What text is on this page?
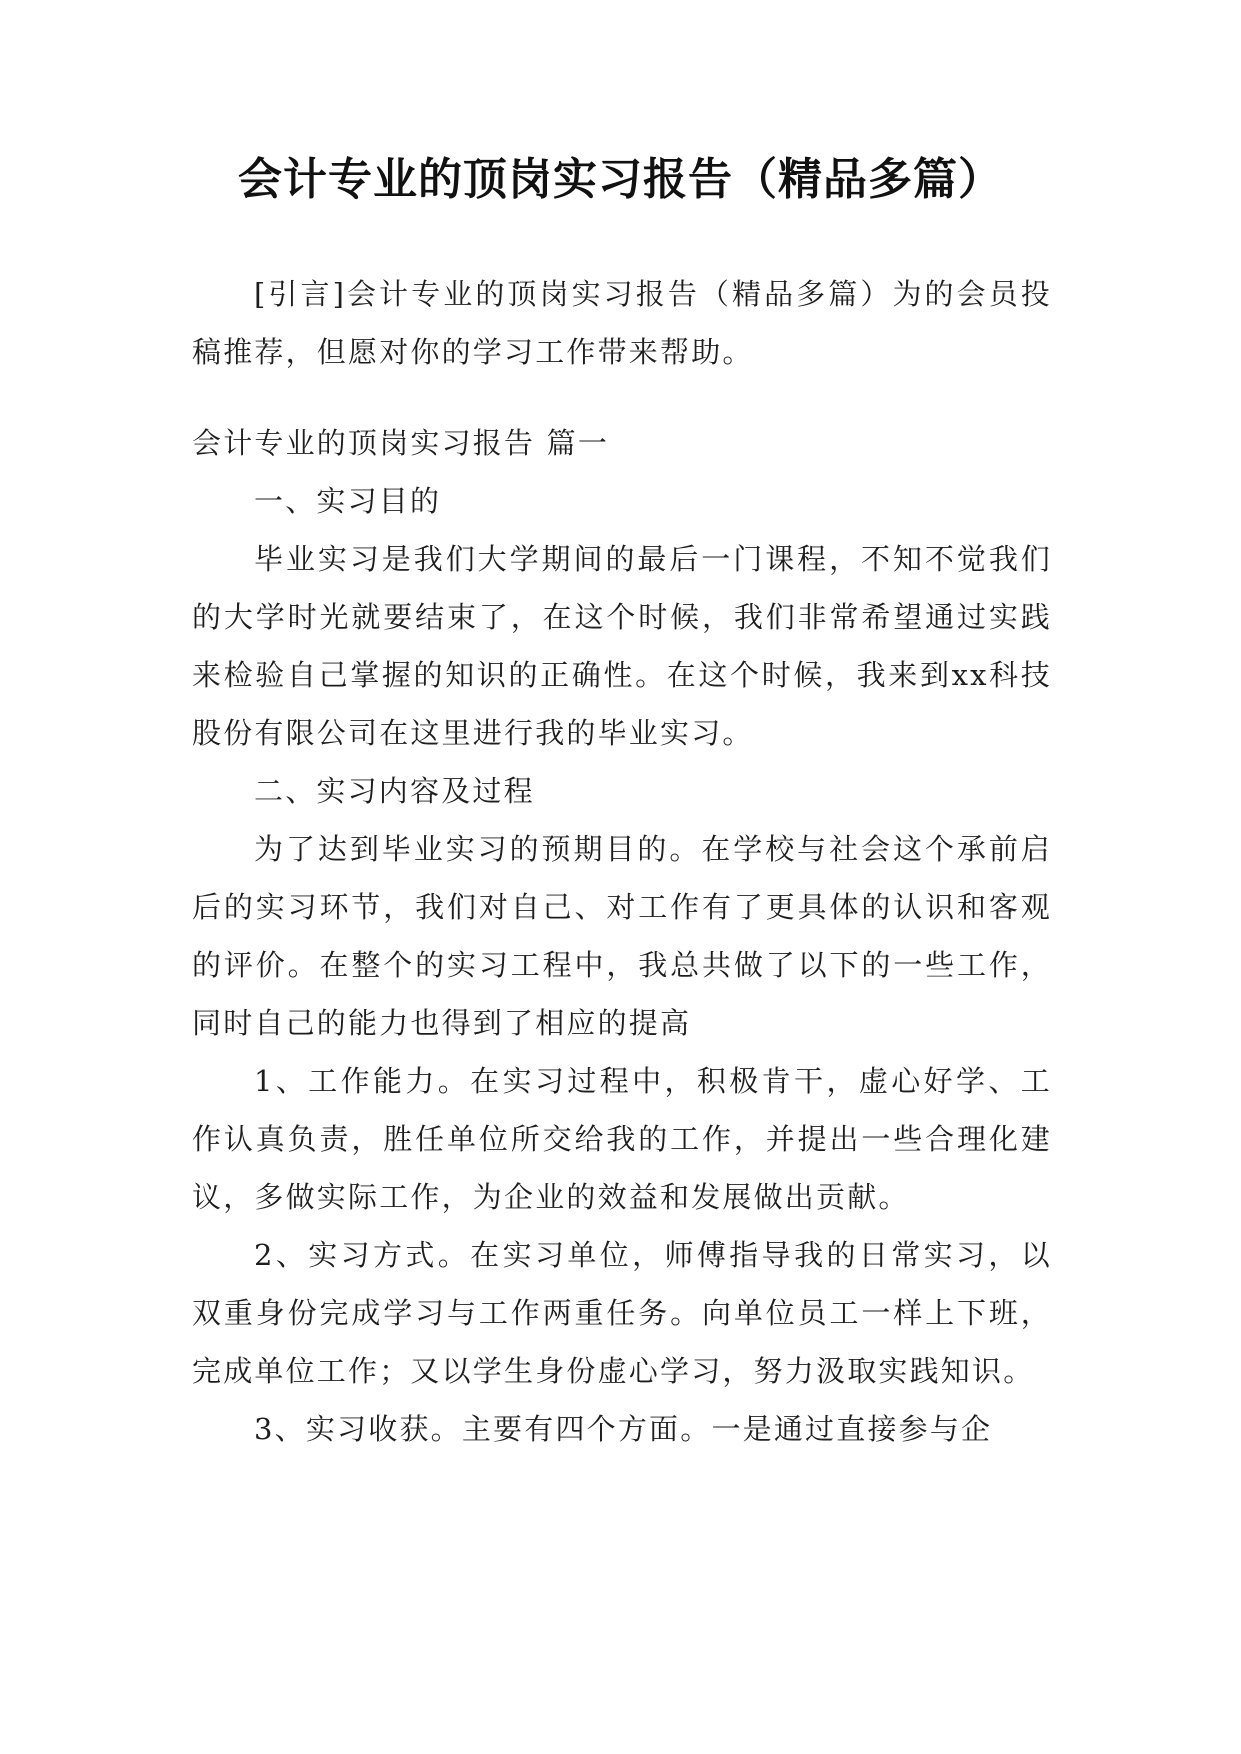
会计专业的顶岗实习报告（精品多篇）

[引言]会计专业的顶岗实习报告（精品多篇）为的会员投稿推荐，但愿对你的学习工作带来帮助。

会计专业的顶岗实习报告 篇一

一、实习目的

毕业实习是我们大学期间的最后一门课程，不知不觉我们的大学时光就要结束了，在这个时候，我们非常希望通过实践来检验自己掌握的知识的正确性。在这个时候，我来到xx科技股份有限公司在这里进行我的毕业实习。

二、实习内容及过程

为了达到毕业实习的预期目的。在学校与社会这个承前启后的实习环节，我们对自己、对工作有了更具体的认识和客观的评价。在整个的实习工程中，我总共做了以下的一些工作，同时自己的能力也得到了相应的提高

1、工作能力。在实习过程中，积极肯干，虚心好学、工作认真负责，胜任单位所交给我的工作，并提出一些合理化建议，多做实际工作，为企业的效益和发展做出贡献。

2、实习方式。在实习单位，师傅指导我的日常实习，以双重身份完成学习与工作两重任务。向单位员工一样上下班，完成单位工作；又以学生身份虚心学习，努力汲取实践知识。

3、实习收获。主要有四个方面。一是通过直接参与企
